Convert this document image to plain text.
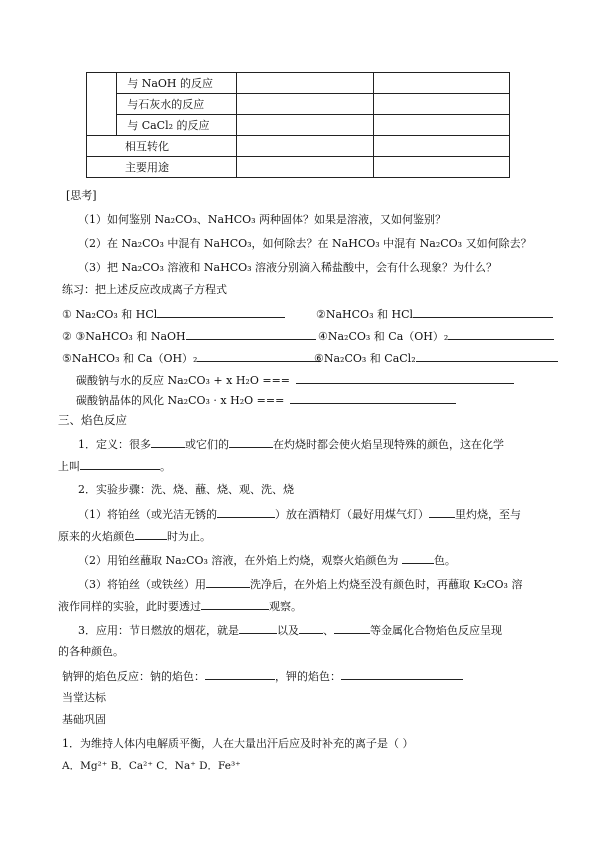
	与 NaOH 的反应		
	与石灰水的反应		
	与 CaCl₂ 的反应		
相互转化			
主要用途			
[思考]
（1）如何鉴别 Na₂CO₃、NaHCO₃ 两种固体？如果是溶液，又如何鉴别？
（2）在 Na₂CO₃ 中混有 NaHCO₃，如何除去？在 NaHCO₃ 中混有 Na₂CO₃ 又如何除去？
（3）把 Na₂CO₃ 溶液和 NaHCO₃ 溶液分别滴入稀盐酸中，会有什么现象？为什么？
练习：把上述反应改成离子方程式
① Na₂CO₃ 和 HCl	②NaHCO₃ 和 HCl
② ③NaHCO₃ 和 NaOH	④Na₂CO₃ 和 Ca（OH）₂
⑤NaHCO₃ 和 Ca（OH）₂	⑥Na₂CO₃ 和 CaCl₂
碳酸钠与水的反应 Na₂CO₃ + x H₂O ===
碳酸钠晶体的风化 Na₂CO₃ · x H₂O ===
三、焰色反应
1．定义：很多	或它们的	在灼烧时都会使火焰呈现特殊的颜色，这在化学
上叫	。
2．实验步骤：洗、烧、蘸、烧、观、洗、烧
（1）将铂丝（或光洁无锈的	）放在酒精灯（最好用煤气灯） 里灼烧，至与
原来的火焰颜色	时为止。
（2）用铂丝蘸取 Na₂CO₃ 溶液，在外焰上灼烧，观察火焰颜色为	色。
（3）将铂丝（或铁丝）用	洗净后，在外焰上灼烧至没有颜色时，再蘸取 K₂CO₃ 溶
液作同样的实验，此时要透过	观察。
3．应用：节日燃放的烟花，就是	以及 、	等金属化合物焰色反应呈现
的各种颜色。
钠钾的焰色反应：钠的焰色：	，钾的焰色：
当堂达标
基础巩固
1．为维持人体内电解质平衡，人在大量出汗后应及时补充的离子是（ ）
A．Mg²⁺ B．Ca²⁺ C．Na⁺ D．Fe³⁺
